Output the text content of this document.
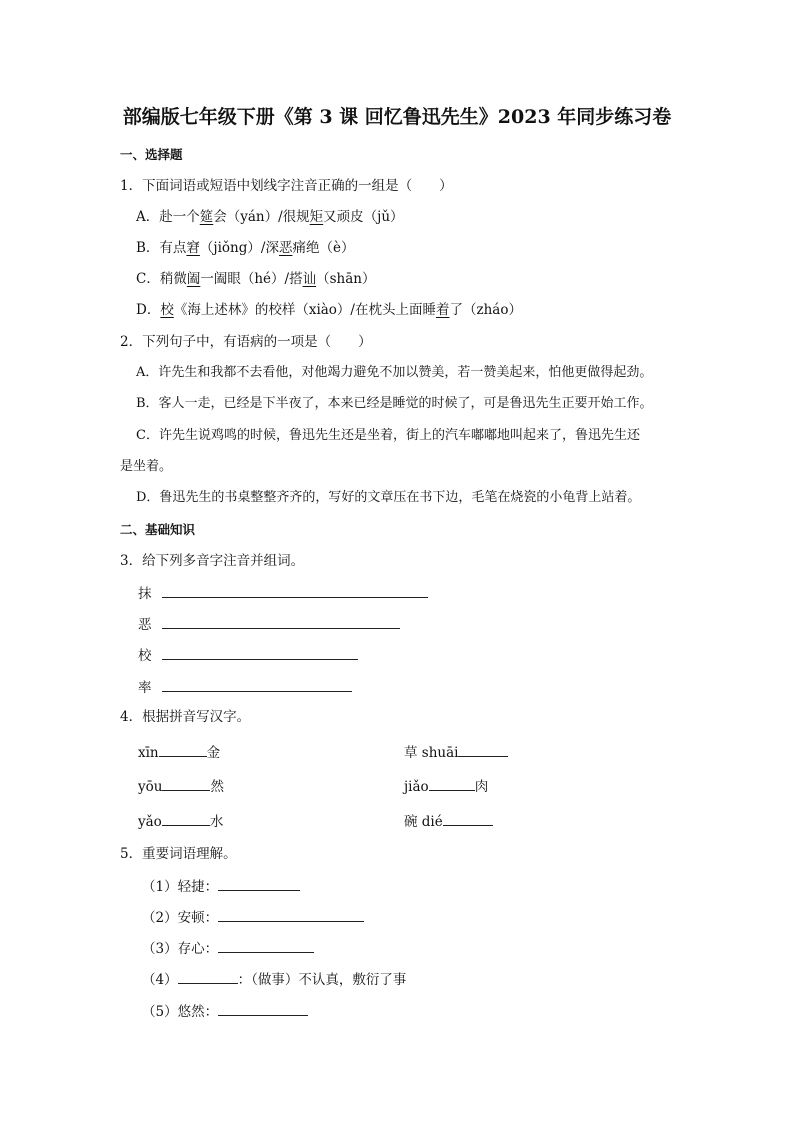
部编版七年级下册《第 3 课 回忆鲁迅先生》2023 年同步练习卷
一、选择题
1．下面词语或短语中划线字注音正确的一组是（　　）
A．赴一个筵会（yán）/很规矩又顽皮（jǔ）
B．有点窘（jiǒng）/深恶痛绝（è）
C．稍微阖一阖眼（hé）/搭讪（shān）
D．校《海上述林》的校样（xiào）/在枕头上面睡着了（zháo）
2．下列句子中，有语病的一项是（　　）
A．许先生和我都不去看他，对他竭力避免不加以赞美，若一赞美起来，怕他更做得起劲。
B．客人一走，已经是下半夜了，本来已经是睡觉的时候了，可是鲁迅先生正要开始工作。
C．许先生说鸡鸣的时候，鲁迅先生还是坐着，街上的汽车嘟嘟地叫起来了，鲁迅先生还
是坐着。
D．鲁迅先生的书桌整整齐齐的，写好的文章压在书下边，毛笔在烧瓷的小龟背上站着。
二、基础知识
3．给下列多音字注音并组词。
抹
恶
校
率
4．根据拼音写汉字。
xīn	金	草 shuāi
yōu	然	jiǎo	肉
yǎo	水	碗 dié
5．重要词语理解。
（1）轻捷：
（2）安顿：
（3）存心：
（4）	：（做事）不认真，敷衍了事
（5）悠然：
